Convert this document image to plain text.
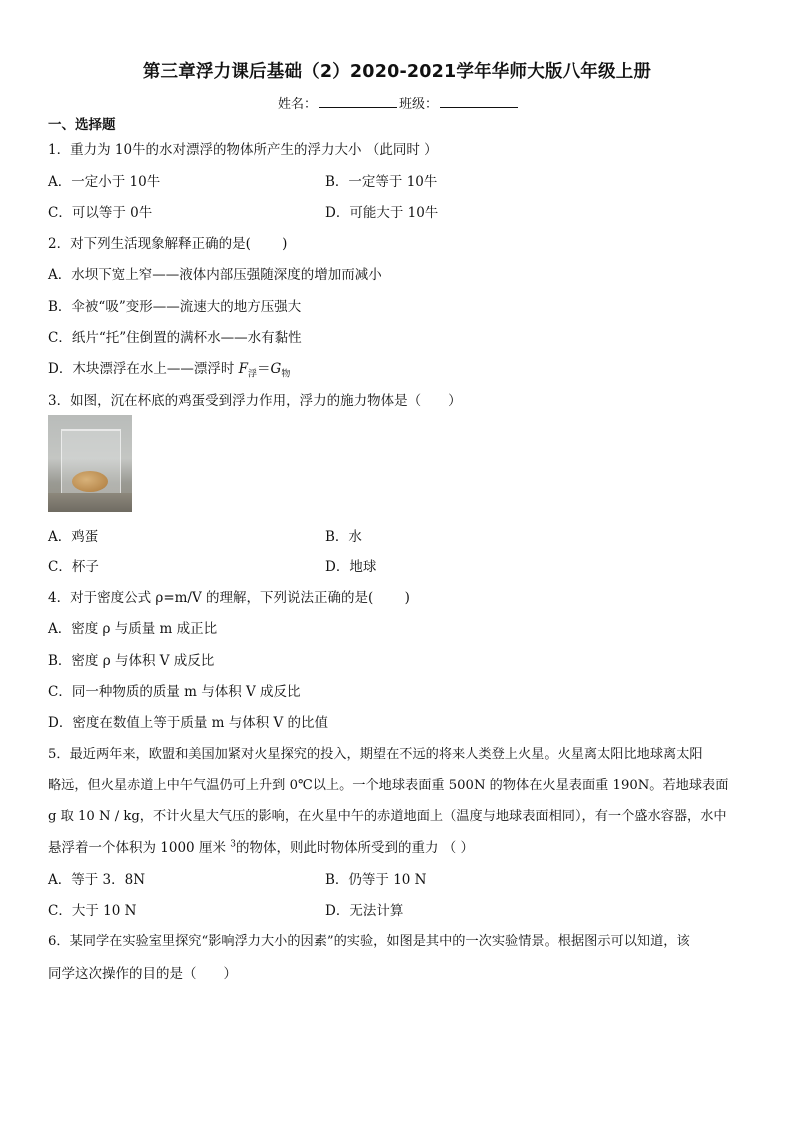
第三章浮力课后基础（2）2020-2021学年华师大版八年级上册
姓名：	班级：
一、选择题
1．重力为 10牛的水对漂浮的物体所产生的浮力大小 （此同时 ）
A．一定小于 10牛	B．一定等于 10牛
C．可以等于 0牛	D．可能大于 10牛
2．对下列生活现象解释正确的是(　　 )
A．水坝下宽上窄——液体内部压强随深度的增加而减小
B．伞被“吸”变形——流速大的地方压强大
C．纸片“托”住倒置的满杯水——水有黏性
D．木块漂浮在水上——漂浮时 $F_浮=G_物$
3．如图，沉在杯底的鸡蛋受到浮力作用，浮力的施力物体是（　　）
A．鸡蛋	B．水
C．杯子	D．地球
4．对于密度公式 ρ=m/V 的理解，下列说法正确的是(　　 )
A．密度 ρ 与质量 m 成正比
B．密度 ρ 与体积 V 成反比
C．同一种物质的质量 m 与体积 V 成反比
D．密度在数值上等于质量 m 与体积 V 的比值
5．最近两年来，欧盟和美国加紧对火星探究的投入，期望在不远的将来人类登上火星。火星离太阳比地球离太阳
略远，但火星赤道上中午气温仍可上升到 0℃以上。一个地球表面重 500N 的物体在火星表面重 190N。若地球表面
g 取 10 N / kg，不计火星大气压的影响，在火星中午的赤道地面上（温度与地球表面相同），有一个盛水容器，水中
悬浮着一个体积为 1000 厘米 $^3$的物体，则此时物体所受到的重力 （ ）
A．等于 3．8N	B．仍等于 10 N
C．大于 10 N	D．无法计算
6．某同学在实验室里探究“影响浮力大小的因素”的实验，如图是其中的一次实验情景。根据图示可以知道，该
同学这次操作的目的是（　　）
